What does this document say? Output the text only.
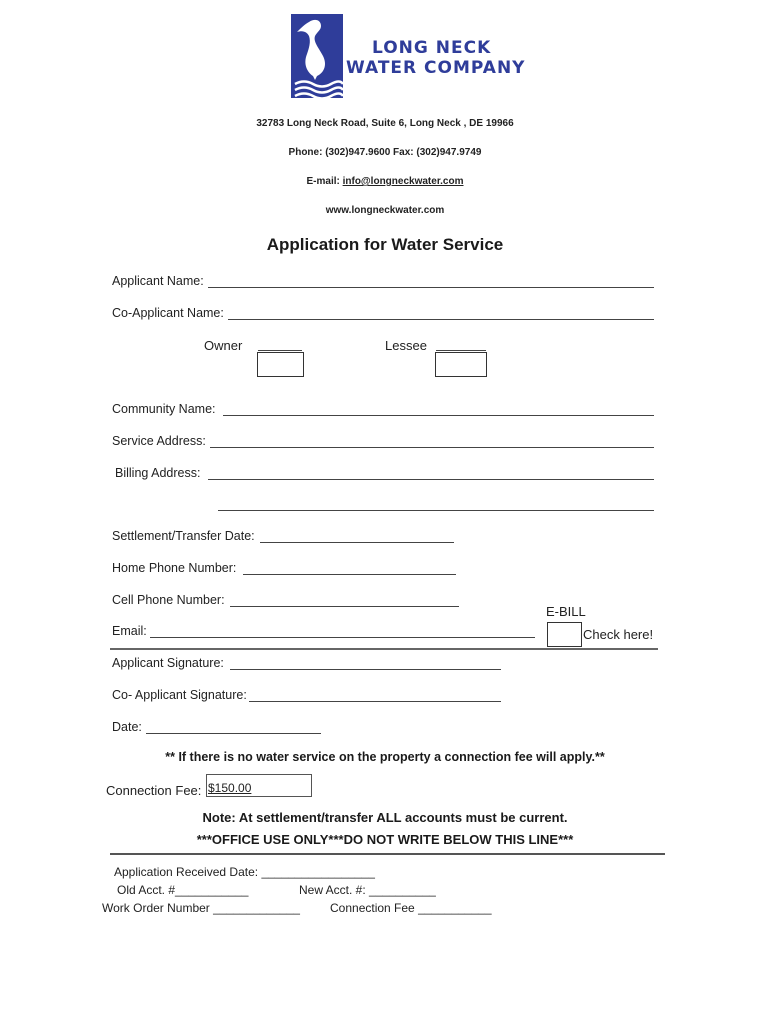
LONG NECK
WATER COMPANY
32783 Long Neck Road, Suite 6, Long Neck , DE 19966
Phone: (302)947.9600 Fax: (302)947.9749
E-mail: info@longneckwater.com
www.longneckwater.com
Application for Water Service
Applicant Name:
Co-Applicant Name:
Owner	Lessee
Community Name:
Service Address:
Billing Address:
Settlement/Transfer Date:
Home Phone Number:
Cell Phone Number:
E-BILL
Check here!
Email:
Applicant Signature:
Co- Applicant Signature:
Date:
** If there is no water service on the property a connection fee will apply.**
Connection Fee: $150.00
Note: At settlement/transfer ALL accounts must be current.
***OFFICE USE ONLY***DO NOT WRITE BELOW THIS LINE***
Application Received Date: _________________
Old Acct. #___________	New Acct. #: __________
Work Order Number _____________	Connection Fee ___________
